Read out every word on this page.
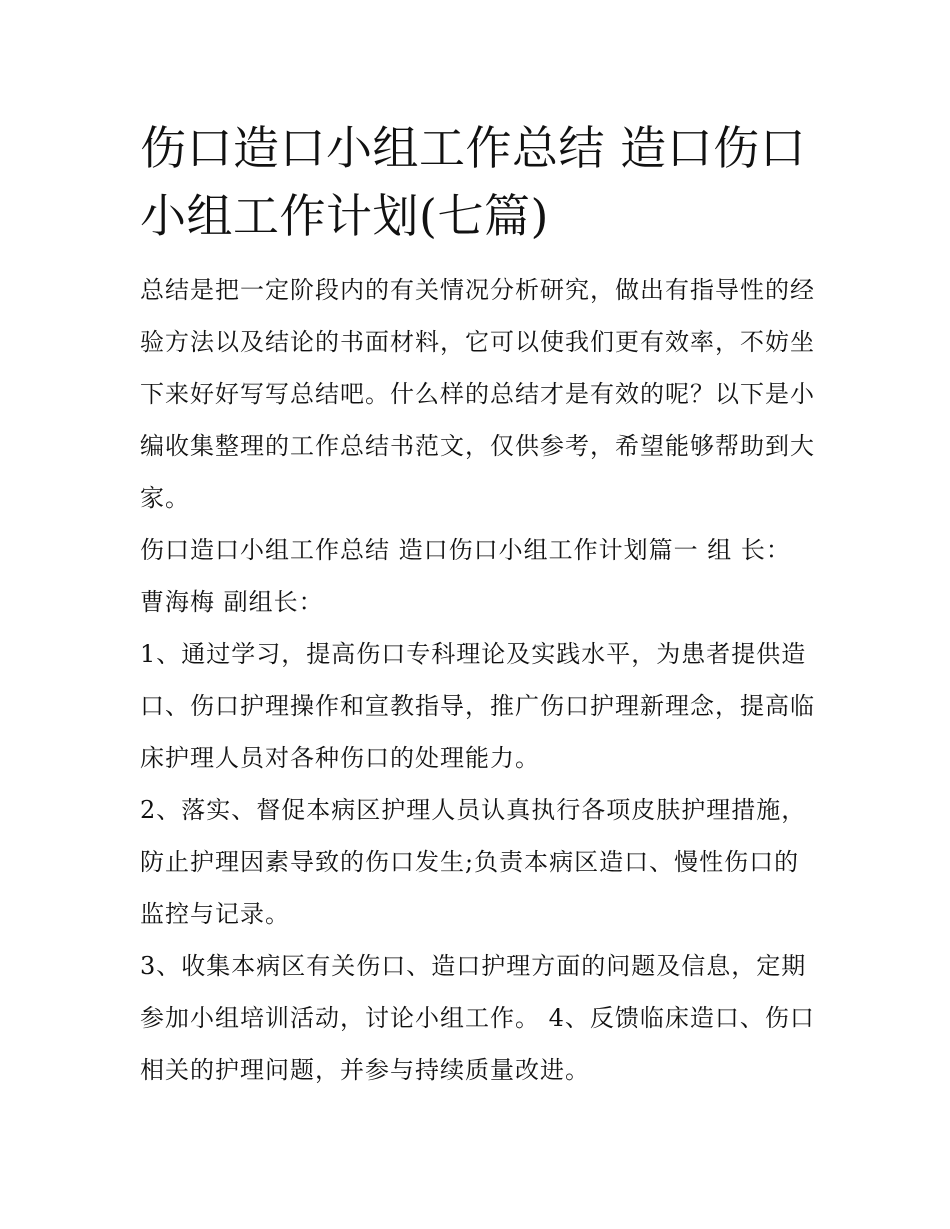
伤口造口小组工作总结 造口伤口小组工作计划(七篇)

总结是把一定阶段内的有关情况分析研究，做出有指导性的经验方法以及结论的书面材料，它可以使我们更有效率，不妨坐下来好好写写总结吧。什么样的总结才是有效的呢？以下是小编收集整理的工作总结书范文，仅供参考，希望能够帮助到大家。

伤口造口小组工作总结 造口伤口小组工作计划篇一 组 长：曹海梅 副组长：

1、通过学习，提高伤口专科理论及实践水平，为患者提供造口、伤口护理操作和宣教指导，推广伤口护理新理念，提高临床护理人员对各种伤口的处理能力。

2、落实、督促本病区护理人员认真执行各项皮肤护理措施，防止护理因素导致的伤口发生;负责本病区造口、慢性伤口的监控与记录。

3、收集本病区有关伤口、造口护理方面的问题及信息，定期参加小组培训活动，讨论小组工作。 4、反馈临床造口、伤口相关的护理问题，并参与持续质量改进。
